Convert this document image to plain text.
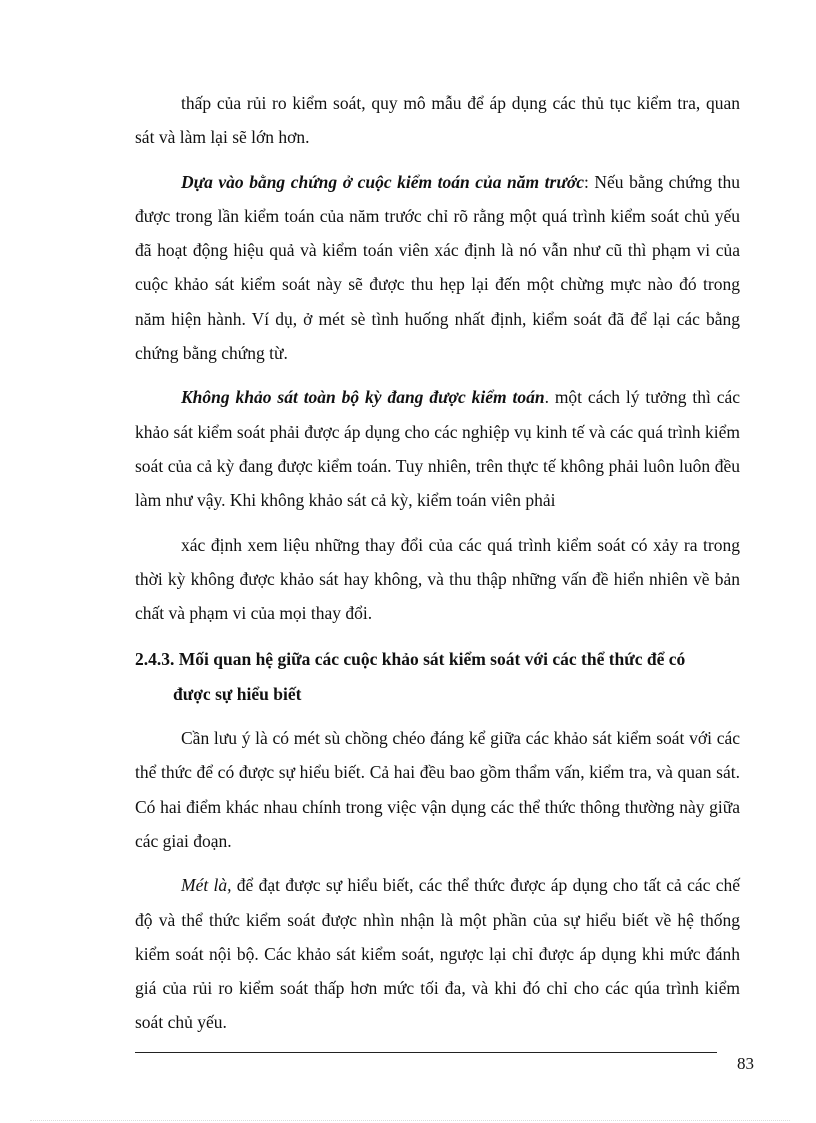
thấp của rủi ro kiểm soát, quy mô mẫu để áp dụng các thủ tục kiểm tra, quan sát và làm lại sẽ lớn hơn.

Dựa vào bằng chứng ở cuộc kiểm toán của năm trước: Nếu bằng chứng thu được trong lần kiểm toán của năm trước chỉ rõ rằng một quá trình kiểm soát chủ yếu đã hoạt động hiệu quả và kiểm toán viên xác định là nó vẫn như cũ thì phạm vi của cuộc khảo sát kiểm soát này sẽ được thu hẹp lại đến một chừng mực nào đó trong năm hiện hành. Ví dụ, ở mét sè tình huống nhất định, kiểm soát đã để lại các bằng chứng bằng chứng từ.

Không khảo sát toàn bộ kỳ đang được kiểm toán. một cách lý tưởng thì các khảo sát kiểm soát phải được áp dụng cho các nghiệp vụ kinh tế và các quá trình kiểm soát của cả kỳ đang được kiểm toán. Tuy nhiên, trên thực tế không phải luôn luôn đều làm như vậy. Khi không khảo sát cả kỳ, kiểm toán viên phải

xác định xem liệu những thay đổi của các quá trình kiểm soát có xảy ra trong thời kỳ không được khảo sát hay không, và thu thập những vấn đề hiển nhiên về bản chất và phạm vi của mọi thay đổi.

2.4.3. Mối quan hệ giữa các cuộc khảo sát kiểm soát với các thể thức để có

được sự hiểu biết

Cần lưu ý là có mét sù chồng chéo đáng kể giữa các khảo sát kiểm soát với các thể thức để có được sự hiểu biết. Cả hai đều bao gồm thẩm vấn, kiểm tra, và quan sát. Có hai điểm khác nhau chính trong việc vận dụng các thể thức thông thường này giữa các giai đoạn.

Mét là, để đạt được sự hiểu biết, các thể thức được áp dụng cho tất cả các chế độ và thể thức kiểm soát được nhìn nhận là một phần của sự hiểu biết về hệ thống kiểm soát nội bộ. Các khảo sát kiểm soát, ngược lại chỉ được áp dụng khi mức đánh giá của rủi ro kiểm soát thấp hơn mức tối đa, và khi đó chỉ cho các qúa trình kiểm soát chủ yếu.

83
